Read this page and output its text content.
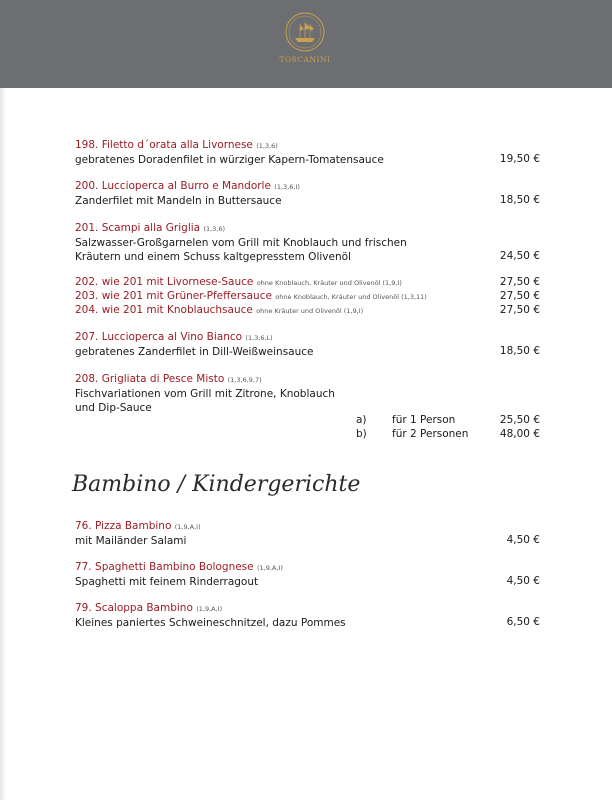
TOSCANINI
198. Filetto d´orata alla Livornese (1,3,6)
gebratenes Doradenfilet in würziger Kapern-Tomatensauce	19,50 €
200. Luccioperca al Burro e Mandorle (1,3,6,I)
Zanderfilet mit Mandeln in Buttersauce	18,50 €
201. Scampi alla Griglia (1,3,6)
Salzwasser-Großgarnelen vom Grill mit Knoblauch und frischen
Kräutern und einem Schuss kaltgepresstem Olivenöl	24,50 €
202. wie 201 mit Livornese-Sauce ohne Knoblauch, Kräuter und Olivenöl (1,9,I)	27,50 €
203. wie 201 mit Grüner-Pfeffersauce ohne Knoblauch, Kräuter und Olivenöl (1,3,11)	27,50 €
204. wie 201 mit Knoblauchsauce ohne Kräuter und Olivenöl (1,9,I)	27,50 €
207. Luccioperca al Vino Bianco (1,3,6,L)
gebratenes Zanderfilet in Dill-Weißweinsauce	18,50 €
208. Grigliata di Pesce Misto (1,3,6,9,7)
Fischvariationen vom Grill mit Zitrone, Knoblauch
und Dip-Sauce
a) für 1 Person	25,50 €
b) für 2 Personen	48,00 €
Bambino / Kindergerichte
76. Pizza Bambino (1,9,A,I)
mit Mailänder Salami	4,50 €
77. Spaghetti Bambino Bolognese (1,9,A,I)
Spaghetti mit feinem Rinderragout	4,50 €
79. Scaloppa Bambino (1,9,A,I)
Kleines paniertes Schweineschnitzel, dazu Pommes	6,50 €
